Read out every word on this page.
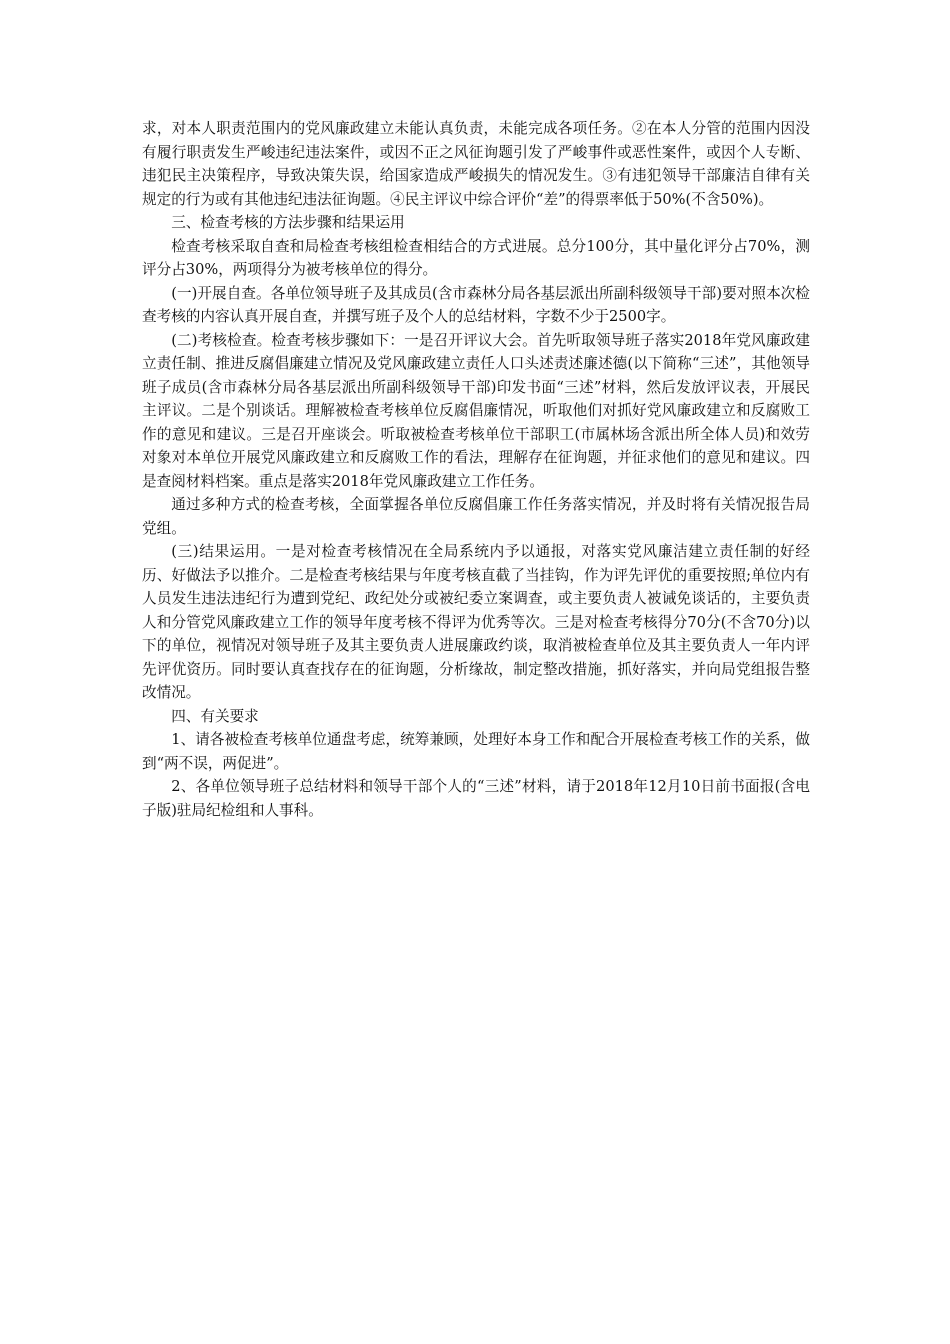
求，对本人职责范围内的党风廉政建立未能认真负责，未能完成各项任务。②在本人分管的范围内因没有履行职责发生严峻违纪违法案件，或因不正之风征询题引发了严峻事件或恶性案件，或因个人专断、违犯民主决策程序，导致决策失误，给国家造成严峻损失的情况发生。③有违犯领导干部廉洁自律有关规定的行为或有其他违纪违法征询题。④民主评议中综合评价“差”的得票率低于50%(不含50%)。

三、检查考核的方法步骤和结果运用

检查考核采取自查和局检查考核组检查相结合的方式进展。总分100分，其中量化评分占70%，测评分占30%，两项得分为被考核单位的得分。

(一)开展自查。各单位领导班子及其成员(含市森林分局各基层派出所副科级领导干部)要对照本次检查考核的内容认真开展自查，并撰写班子及个人的总结材料，字数不少于2500字。

(二)考核检查。检查考核步骤如下：一是召开评议大会。首先听取领导班子落实2018年党风廉政建立责任制、推进反腐倡廉建立情况及党风廉政建立责任人口头述责述廉述德(以下简称“三述”，其他领导班子成员(含市森林分局各基层派出所副科级领导干部)印发书面“三述”材料，然后发放评议表，开展民主评议。二是个别谈话。理解被检查考核单位反腐倡廉情况，听取他们对抓好党风廉政建立和反腐败工作的意见和建议。三是召开座谈会。听取被检查考核单位干部职工(市属林场含派出所全体人员)和效劳对象对本单位开展党风廉政建立和反腐败工作的看法，理解存在征询题，并征求他们的意见和建议。四是查阅材料档案。重点是落实2018年党风廉政建立工作任务。

通过多种方式的检查考核，全面掌握各单位反腐倡廉工作任务落实情况，并及时将有关情况报告局党组。

(三)结果运用。一是对检查考核情况在全局系统内予以通报，对落实党风廉洁建立责任制的好经历、好做法予以推介。二是检查考核结果与年度考核直截了当挂钩，作为评先评优的重要按照;单位内有人员发生违法违纪行为遭到党纪、政纪处分或被纪委立案调查，或主要负责人被诫免谈话的，主要负责人和分管党风廉政建立工作的领导年度考核不得评为优秀等次。三是对检查考核得分70分(不含70分)以下的单位，视情况对领导班子及其主要负责人进展廉政约谈，取消被检查单位及其主要负责人一年内评先评优资历。同时要认真查找存在的征询题，分析缘故，制定整改措施，抓好落实，并向局党组报告整改情况。

四、有关要求

1、请各被检查考核单位通盘考虑，统筹兼顾，处理好本身工作和配合开展检查考核工作的关系，做到“两不误，两促进”。

2、各单位领导班子总结材料和领导干部个人的“三述”材料，请于2018年12月10日前书面报(含电子版)驻局纪检组和人事科。
